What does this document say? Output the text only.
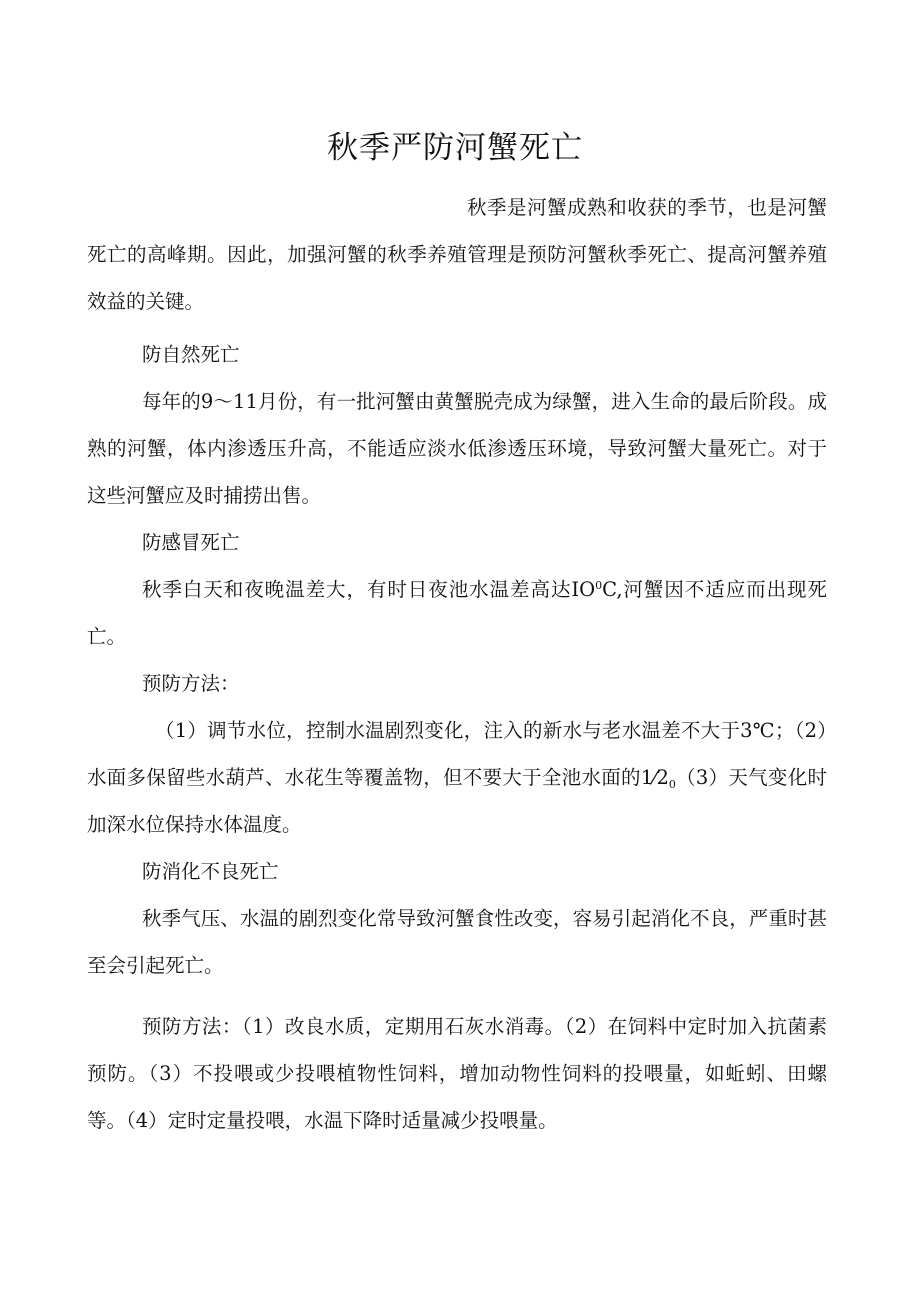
秋季严防河蟹死亡

秋季是河蟹成熟和收获的季节，也是河蟹死亡的高峰期。因此，加强河蟹的秋季养殖管理是预防河蟹秋季死亡、提高河蟹养殖效益的关键。

防自然死亡

每年的9～11月份，有一批河蟹由黄蟹脱壳成为绿蟹，进入生命的最后阶段。成熟的河蟹，体内渗透压升高，不能适应淡水低渗透压环境，导致河蟹大量死亡。对于这些河蟹应及时捕捞出售。

防感冒死亡

秋季白天和夜晚温差大，有时日夜池水温差高达$IO^0C$,河蟹因不适应而出现死亡。

预防方法：

（1）调节水位，控制水温剧烈变化，注入的新水与老水温差不大于3℃；（2）水面多保留些水葫芦、水花生等覆盖物，但不要大于全池水面的$1⁄2_0(3)$天气变化时加深水位保持水体温度。

防消化不良死亡

秋季气压、水温的剧烈变化常导致河蟹食性改变，容易引起消化不良，严重时甚至会引起死亡。

预防方法：（1）改良水质，定期用石灰水消毒。（2）在饲料中定时加入抗菌素预防。（3）不投喂或少投喂植物性饲料，增加动物性饲料的投喂量，如蚯蚓、田螺等。（4）定时定量投喂，水温下降时适量减少投喂量。
